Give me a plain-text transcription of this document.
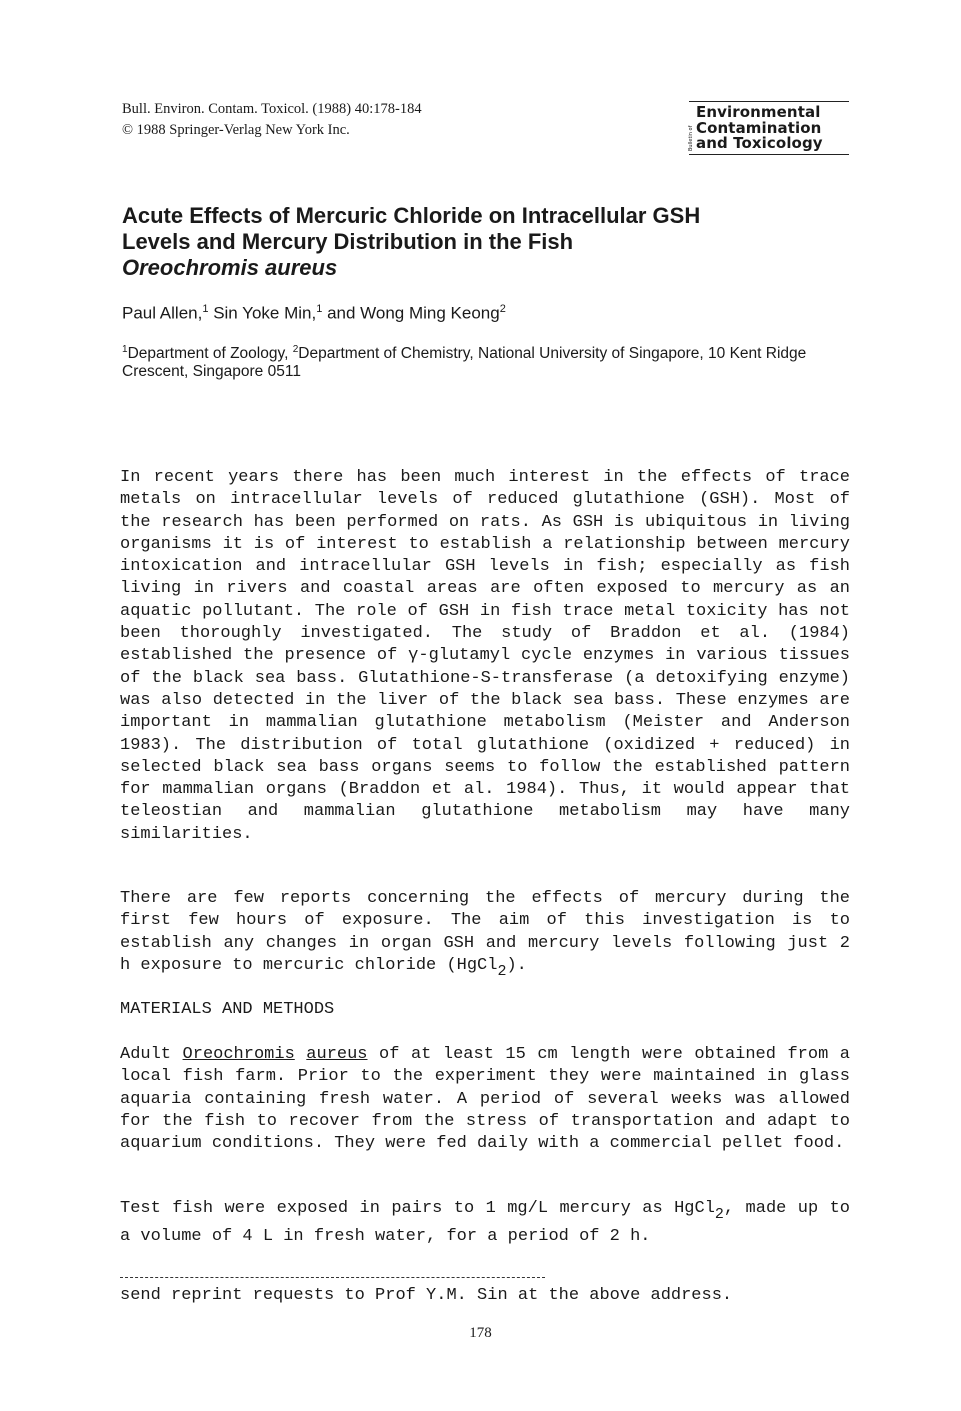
Bull. Environ. Contam. Toxicol. (1988) 40:178-184
© 1988 Springer-Verlag New York Inc.	Bulletin of
Environmental
Contamination
and Toxicology
Acute Effects of Mercuric Chloride on Intracellular GSH
Levels and Mercury Distribution in the Fish
Oreochromis aureus
Paul Allen,$^1$ Sin Yoke Min,$^1$ and Wong Ming Keong$^2$
$^1$Department of Zoology, $^2$Department of Chemistry, National University of Singapore, 10 Kent Ridge Crescent, Singapore 0511

In recent years there has been much interest in the effects of trace metals on intracellular levels of reduced glutathione (GSH). Most of the research has been performed on rats. As GSH is ubiquitous in living organisms it is of interest to establish a relationship between mercury intoxication and intracellular GSH levels in fish; especially as fish living in rivers and coastal areas are often exposed to mercury as an aquatic pollutant. The role of GSH in fish trace metal toxicity has not been thoroughly investigated. The study of Braddon et al. (1984) established the presence of γ-glutamyl cycle enzymes in various tissues of the black sea bass. Glutathione-S-transferase (a detoxifying enzyme) was also detected in the liver of the black sea bass. These enzymes are important in mammalian glutathione metabolism (Meister and Anderson 1983). The distribution of total glutathione (oxidized + reduced) in selected black sea bass organs seems to follow the established pattern for mammalian organs (Braddon et al. 1984). Thus, it would appear that teleostian and mammalian glutathione metabolism may have many similarities.

There are few reports concerning the effects of mercury during the first few hours of exposure. The aim of this investigation is to establish any changes in organ GSH and mercury levels following just 2 h exposure to mercuric chloride (HgCl2).

MATERIALS AND METHODS

Adult Oreochromis aureus of at least 15 cm length were obtained from a local fish farm. Prior to the experiment they were maintained in glass aquaria containing fresh water. A period of several weeks was allowed for the fish to recover from the stress of transportation and adapt to aquarium conditions. They were fed daily with a commercial pellet food.

Test fish were exposed in pairs to 1 mg/L mercury as HgCl2, made up to a volume of 4 L in fresh water, for a period of 2 h.

send reprint requests to Prof Y.M. Sin at the above address.
178
